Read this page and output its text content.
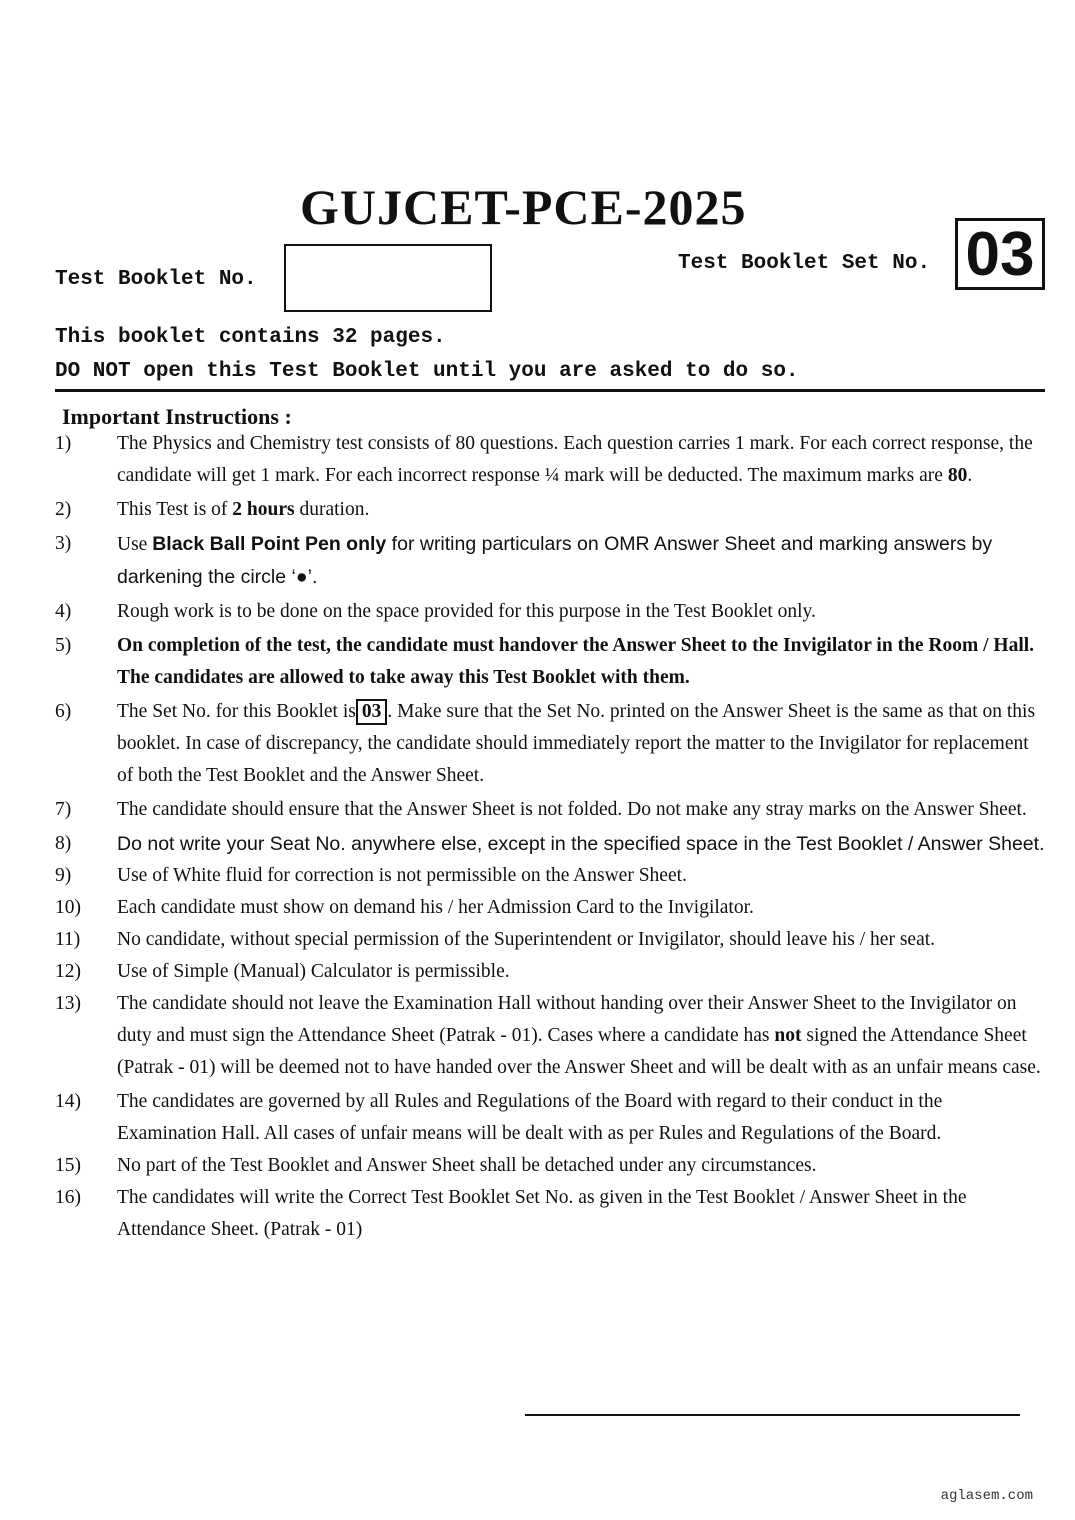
GUJCET-PCE-2025
Test Booklet No.
Test Booklet Set No. 03
This booklet contains 32 pages.
DO NOT open this Test Booklet until you are asked to do so.
Important Instructions :
1)	The Physics and Chemistry test consists of 80 questions. Each question carries 1 mark. For each correct response, the candidate will get 1 mark. For each incorrect response ¼ mark will be deducted. The maximum marks are 80.
2)	This Test is of 2 hours duration.
3)	Use Black Ball Point Pen only for writing particulars on OMR Answer Sheet and marking answers by darkening the circle ‘●’.
4)	Rough work is to be done on the space provided for this purpose in the Test Booklet only.
5)	On completion of the test, the candidate must handover the Answer Sheet to the Invigilator in the Room / Hall. The candidates are allowed to take away this Test Booklet with them.
6)	The Set No. for this Booklet is 03 . Make sure that the Set No. printed on the Answer Sheet is the same as that on this booklet. In case of discrepancy, the candidate should immediately report the matter to the Invigilator for replacement of both the Test Booklet and the Answer Sheet.
7)	The candidate should ensure that the Answer Sheet is not folded. Do not make any stray marks on the Answer Sheet.
8)	Do not write your Seat No. anywhere else, except in the specified space in the Test Booklet / Answer Sheet.
9)	Use of White fluid for correction is not permissible on the Answer Sheet.
10)	Each candidate must show on demand his / her Admission Card to the Invigilator.
11)	No candidate, without special permission of the Superintendent or Invigilator, should leave his / her seat.
12)	Use of Simple (Manual) Calculator is permissible.
13)	The candidate should not leave the Examination Hall without handing over their Answer Sheet to the Invigilator on duty and must sign the Attendance Sheet (Patrak - 01). Cases where a candidate has not signed the Attendance Sheet (Patrak - 01) will be deemed not to have handed over the Answer Sheet and will be dealt with as an unfair means case.
14)	The candidates are governed by all Rules and Regulations of the Board with regard to their conduct in the Examination Hall. All cases of unfair means will be dealt with as per Rules and Regulations of the Board.
15)	No part of the Test Booklet and Answer Sheet shall be detached under any circumstances.
16)	The candidates will write the Correct Test Booklet Set No. as given in the Test Booklet / Answer Sheet in the Attendance Sheet. (Patrak - 01)
aglasem.com
